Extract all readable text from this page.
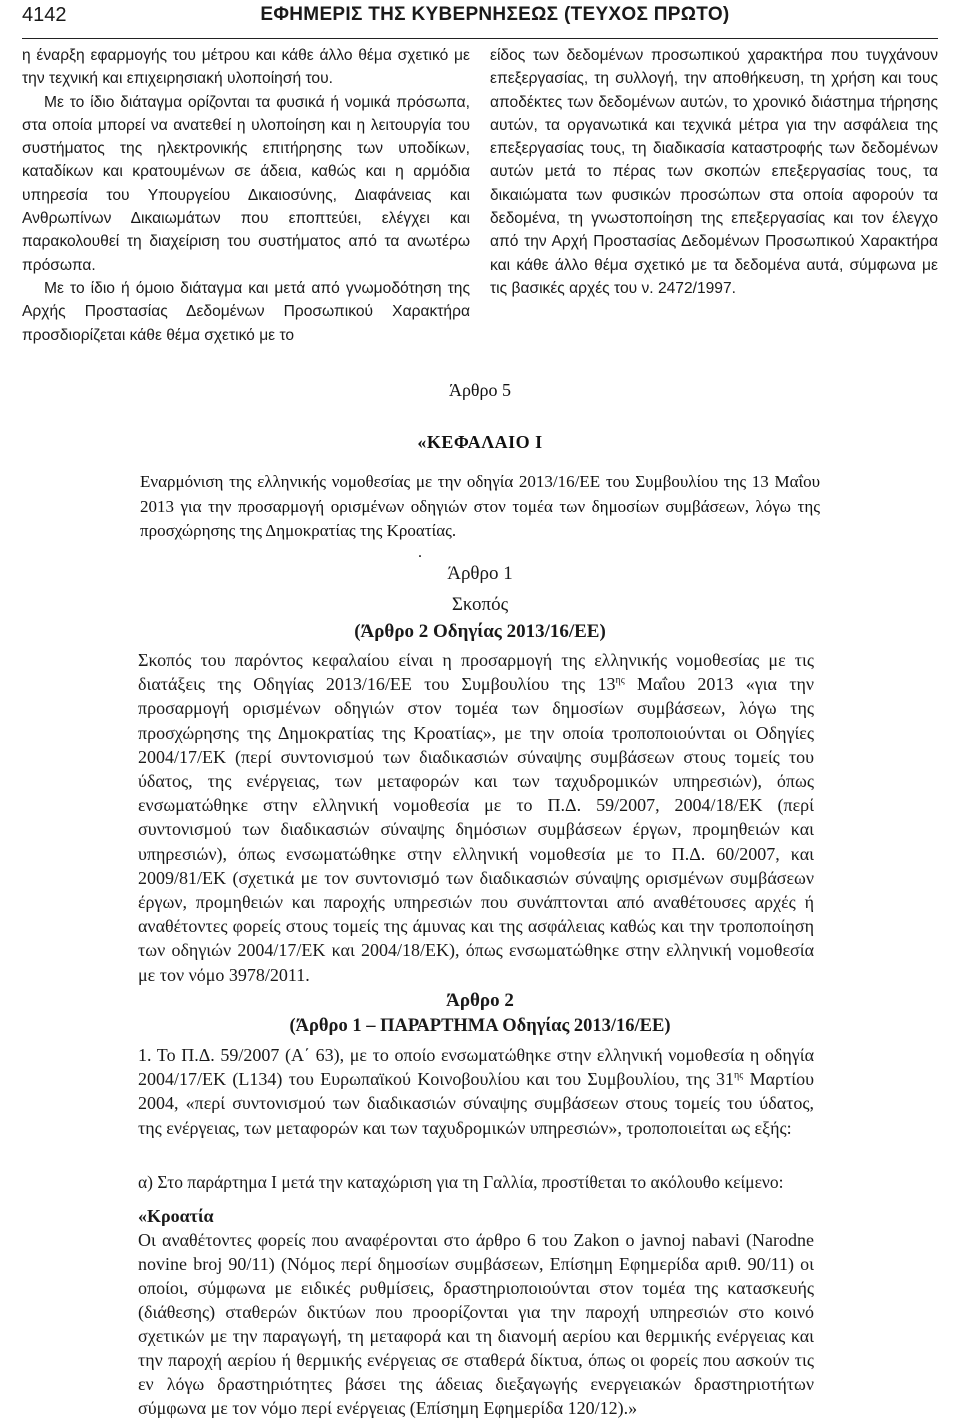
4142	ΕΦΗΜΕΡΙΣ ΤΗΣ ΚΥΒΕΡΝΗΣΕΩΣ (ΤΕΥΧΟΣ ΠΡΩΤΟ)

η έναρξη εφαρμογής του μέτρου και κάθε άλλο θέμα σχετικό με την τεχνική και επιχειρησιακή υλοποίησή του.

Με το ίδιο διάταγμα ορίζονται τα φυσικά ή νομικά πρόσωπα, στα οποία μπορεί να ανατεθεί η υλοποίηση και η λειτουργία του συστήματος της ηλεκτρονικής επιτήρησης των υποδίκων, καταδίκων και κρατουμένων σε άδεια, καθώς και η αρμόδια υπηρεσία του Υπουργείου Δικαιοσύνης, Διαφάνειας και Ανθρωπίνων Δικαιωμάτων που εποπτεύει, ελέγχει και παρακολουθεί τη διαχείριση του συστήματος από τα ανωτέρω πρόσωπα.

Με το ίδιο ή όμοιο διάταγμα και μετά από γνωμοδότηση της Αρχής Προστασίας Δεδομένων Προσωπικού Χαρακτήρα προσδιορίζεται κάθε θέμα σχετικό με το

είδος των δεδομένων προσωπικού χαρακτήρα που τυγχάνουν επεξεργασίας, τη συλλογή, την αποθήκευση, τη χρήση και τους αποδέκτες των δεδομένων αυτών, το χρονικό διάστημα τήρησης αυτών, τα οργανωτικά και τεχνικά μέτρα για την ασφάλεια της επεξεργασίας τους, τη διαδικασία καταστροφής των δεδομένων αυτών μετά το πέρας των σκοπών επεξεργασίας τους, τα δικαιώματα των φυσικών προσώπων στα οποία αφορούν τα δεδομένα, τη γνωστοποίηση της επεξεργασίας και τον έλεγχο από την Αρχή Προστασίας Δεδομένων Προσωπικού Χαρακτήρα και κάθε άλλο θέμα σχετικό με τα δεδομένα αυτά, σύμφωνα με τις βασικές αρχές του ν. 2472/1997.

Άρθρο 5
«ΚΕΦΑΛΑΙΟ Ι
Εναρμόνιση της ελληνικής νομοθεσίας με την οδηγία 2013/16/ΕΕ του Συμβουλίου της 13 Μαΐου 2013 για την προσαρμογή ορισμένων οδηγιών στον τομέα των δημοσίων συμβάσεων, λόγω της προσχώρησης της Δημοκρατίας της Κροατίας.
.
Άρθρο 1
Σκοπός
(Άρθρο 2 Οδηγίας 2013/16/ΕΕ)
Σκοπός του παρόντος κεφαλαίου είναι η προσαρμογή της ελληνικής νομοθεσίας με τις διατάξεις της Οδηγίας 2013/16/ΕΕ του Συμβουλίου της $13^{\eta\varsigma}$ Μαΐου 2013 «για την προσαρμογή ορισμένων οδηγιών στον τομέα των δημοσίων συμβάσεων, λόγω της προσχώρησης της Δημοκρατίας της Κροατίας», με την οποία τροποποιούνται οι Οδηγίες 2004/17/ΕΚ (περί συντονισμού των διαδικασιών σύναψης συμβάσεων στους τομείς του ύδατος, της ενέργειας, των μεταφορών και των ταχυδρομικών υπηρεσιών), όπως ενσωματώθηκε στην ελληνική νομοθεσία με το Π.Δ. 59/2007, 2004/18/ΕΚ (περί συντονισμού των διαδικασιών σύναψης δημόσιων συμβάσεων έργων, προμηθειών και υπηρεσιών), όπως ενσωματώθηκε στην ελληνική νομοθεσία με το Π.Δ. 60/2007, και 2009/81/ΕΚ (σχετικά με τον συντονισμό των διαδικασιών σύναψης ορισμένων συμβάσεων έργων, προμηθειών και παροχής υπηρεσιών που συνάπτονται από αναθέτουσες αρχές ή αναθέτοντες φορείς στους τομείς της άμυνας και της ασφάλειας καθώς και την τροποποίηση των οδηγιών 2004/17/ΕΚ και 2004/18/ΕΚ), όπως ενσωματώθηκε στην ελληνική νομοθεσία με τον νόμο 3978/2011.
Άρθρο 2
(Άρθρο 1 – ΠΑΡΑΡΤΗΜΑ Οδηγίας 2013/16/ΕΕ)
1. Το Π.Δ. 59/2007 (Α΄ 63), με το οποίο ενσωματώθηκε στην ελληνική νομοθεσία η οδηγία 2004/17/ΕΚ (L134) του Ευρωπαϊκού Κοινοβουλίου και του Συμβουλίου, της $31^{\eta\varsigma}$ Μαρτίου 2004, «περί συντονισμού των διαδικασιών σύναψης συμβάσεων στους τομείς του ύδατος, της ενέργειας, των μεταφορών και των ταχυδρομικών υπηρεσιών», τροποποιείται ως εξής:
α) Στο παράρτημα Ι μετά την καταχώριση για τη Γαλλία, προστίθεται το ακόλουθο κείμενο:
«Κροατία
Οι αναθέτοντες φορείς που αναφέρονται στο άρθρο 6 του Zakon o javnoj nabavi (Narodne novine broj 90/11) (Νόμος περί δημοσίων συμβάσεων, Επίσημη Εφημερίδα αριθ. 90/11) οι οποίοι, σύμφωνα με ειδικές ρυθμίσεις, δραστηριοποιούνται στον τομέα της κατασκευής (διάθεσης) σταθερών δικτύων που προορίζονται για την παροχή υπηρεσιών στο κοινό σχετικών με την παραγωγή, τη μεταφορά και τη διανομή αερίου και θερμικής ενέργειας και την παροχή αερίου ή θερμικής ενέργειας σε σταθερά δίκτυα, όπως οι φορείς που ασκούν τις εν λόγω δραστηριότητες βάσει της άδειας διεξαγωγής ενεργειακών δραστηριοτήτων σύμφωνα με τον νόμο περί ενέργειας (Επίσημη Εφημερίδα 120/12).»
